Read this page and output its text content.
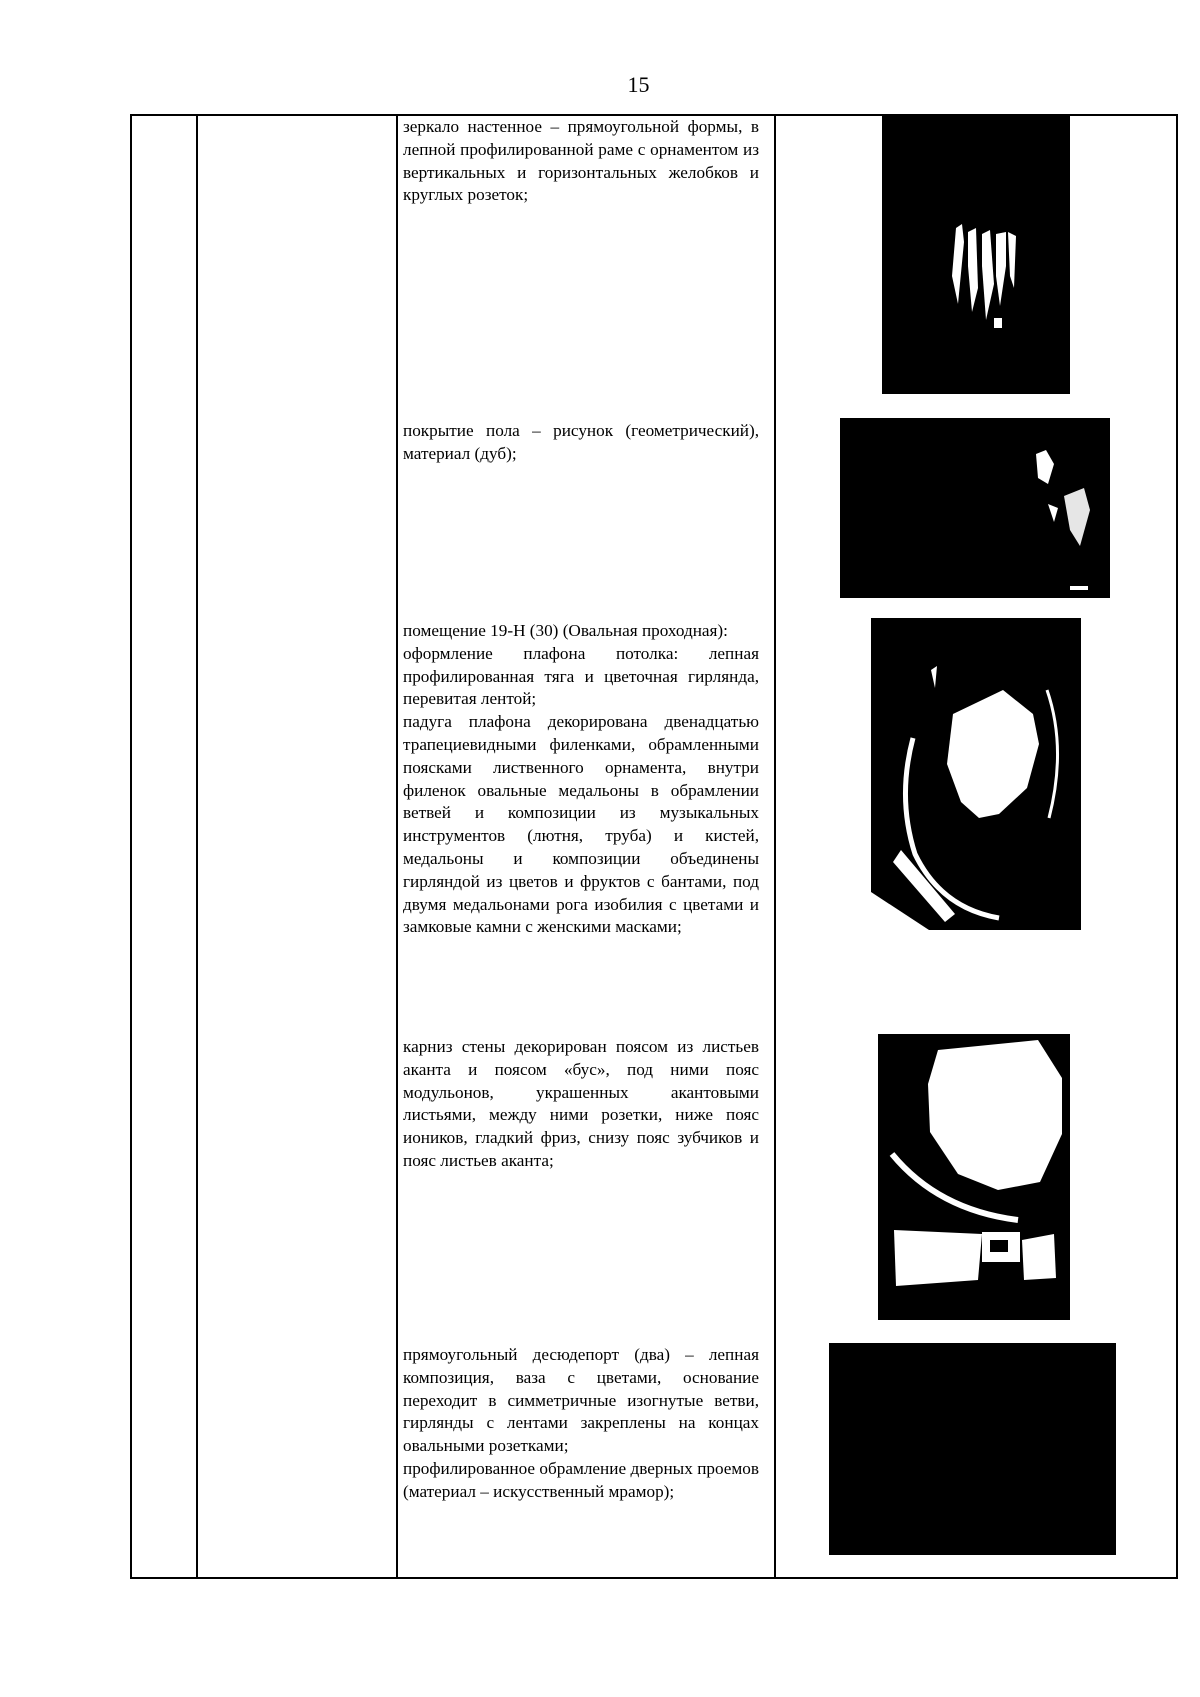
15

зеркало настенное – прямоугольной формы, в лепной профилированной раме с орнаментом из вертикальных и горизонтальных желобков и круглых розеток;

покрытие пола – рисунок (геометрический), материал (дуб);

помещение 19-Н (30) (Овальная проходная):

оформление плафона потолка: лепная профилированная тяга и цветочная гирлянда, перевитая лентой;

падуга плафона декорирована двенадцатью трапециевидными филенками, обрамленными поясками лиственного орнамента, внутри филенок овальные медальоны в обрамлении ветвей и композиции из музыкальных инструментов (лютня, труба) и кистей, медальоны и композиции объединены гирляндой из цветов и фруктов с бантами, под двумя медальонами рога изобилия с цветами и замковые камни с женскими масками;

карниз стены декорирован поясом из листьев аканта и поясом «бус», под ними пояс модульонов, украшенных акантовыми листьями, между ними розетки, ниже пояс иоников, гладкий фриз, снизу пояс зубчиков и пояс листьев аканта;

прямоугольный десюдепорт (два) – лепная композиция, ваза с цветами, основание переходит в симметричные изогнутые ветви, гирлянды с лентами закреплены на концах овальными розетками;

профилированное обрамление дверных проемов (материал – искусственный мрамор);
